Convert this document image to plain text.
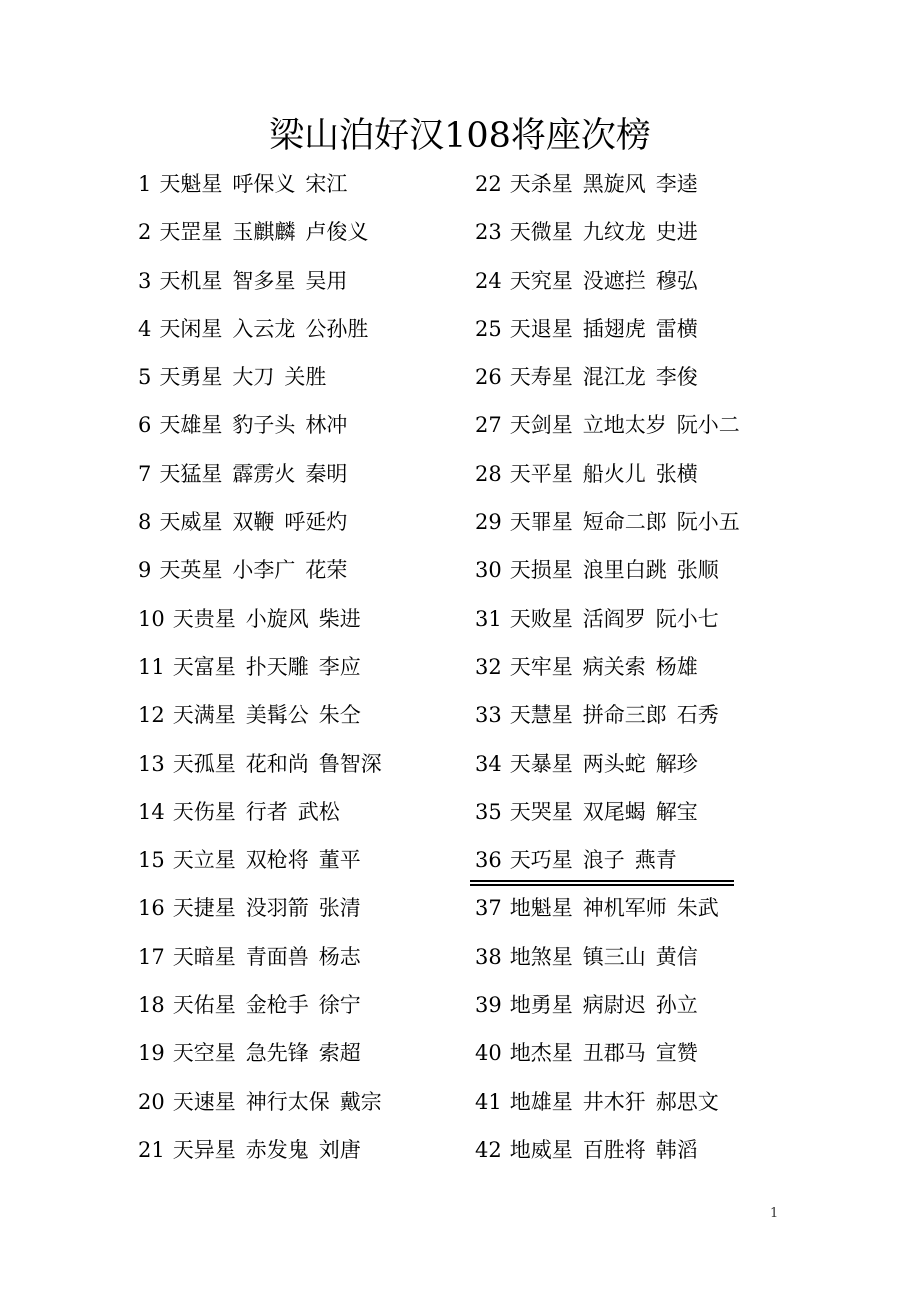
梁山泊好汉108将座次榜
1 天魁星 呼保义 宋江
2 天罡星 玉麒麟 卢俊义
3 天机星 智多星 吴用
4 天闲星 入云龙 公孙胜
5 天勇星 大刀 关胜
6 天雄星 豹子头 林冲
7 天猛星 霹雳火 秦明
8 天威星 双鞭 呼延灼
9 天英星 小李广 花荣
10 天贵星 小旋风 柴进
11 天富星 扑天雕 李应
12 天满星 美髯公 朱仝
13 天孤星 花和尚 鲁智深
14 天伤星 行者 武松
15 天立星 双枪将 董平
16 天捷星 没羽箭 张清
17 天暗星 青面兽 杨志
18 天佑星 金枪手 徐宁
19 天空星 急先锋 索超
20 天速星 神行太保 戴宗
21 天异星 赤发鬼 刘唐
22 天杀星 黑旋风 李逵
23 天微星 九纹龙 史进
24 天究星 没遮拦 穆弘
25 天退星 插翅虎 雷横
26 天寿星 混江龙 李俊
27 天剑星 立地太岁 阮小二
28 天平星 船火儿 张横
29 天罪星 短命二郎 阮小五
30 天损星 浪里白跳 张顺
31 天败星 活阎罗 阮小七
32 天牢星 病关索 杨雄
33 天慧星 拼命三郎 石秀
34 天暴星 两头蛇 解珍
35 天哭星 双尾蝎 解宝
36 天巧星 浪子 燕青
37 地魁星 神机军师 朱武
38 地煞星 镇三山 黄信
39 地勇星 病尉迟 孙立
40 地杰星 丑郡马 宣赞
41 地雄星 井木犴 郝思文
42 地威星 百胜将 韩滔
1
